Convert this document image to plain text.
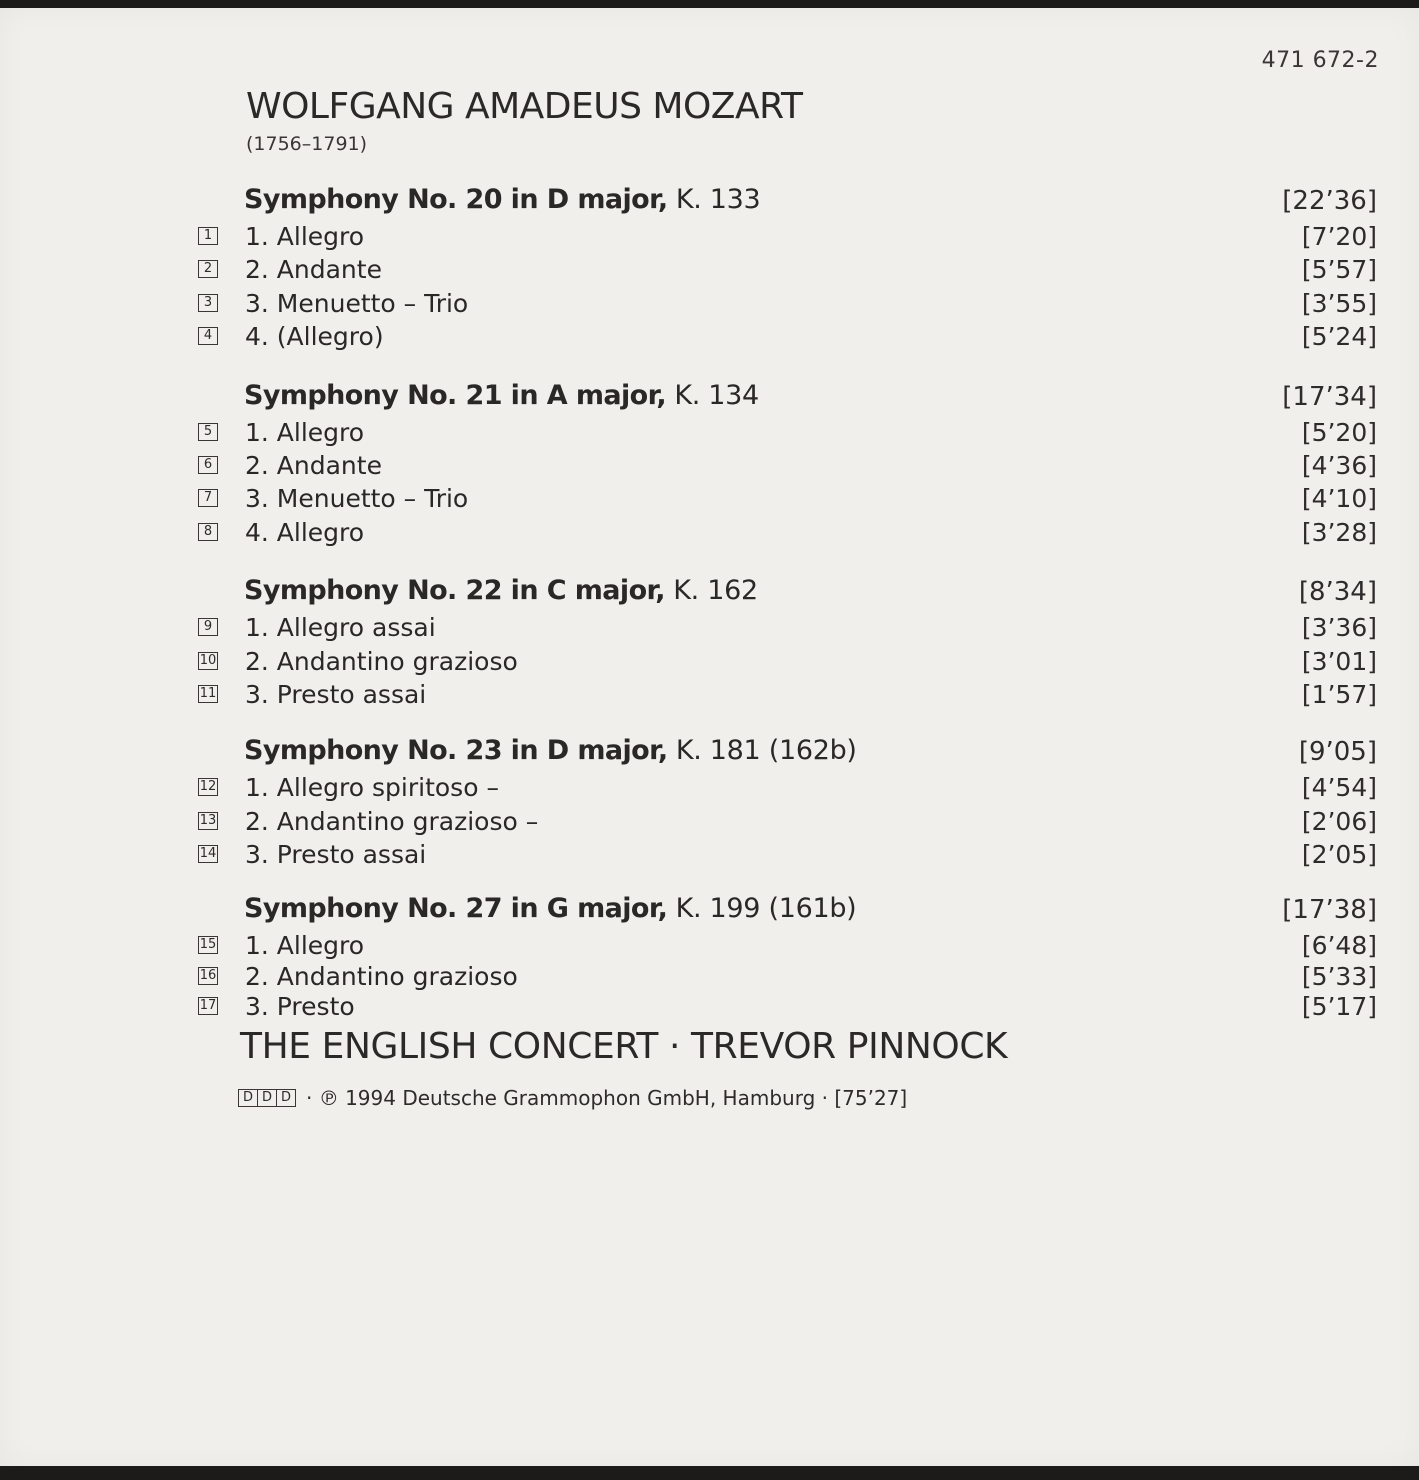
471 672-2
WOLFGANG AMADEUS MOZART
(1756–1791)
Symphony No. 20 in D major, K. 133	[22’36]
1 1. Allegro	[7’20]
2 2. Andante	[5’57]
3 3. Menuetto – Trio	[3’55]
4 4. (Allegro)	[5’24]
Symphony No. 21 in A major, K. 134	[17’34]
5 1. Allegro	[5’20]
6 2. Andante	[4’36]
7 3. Menuetto – Trio	[4’10]
8 4. Allegro	[3’28]
Symphony No. 22 in C major, K. 162	[8’34]
9 1. Allegro assai	[3’36]
10 2. Andantino grazioso	[3’01]
11 3. Presto assai	[1’57]
Symphony No. 23 in D major, K. 181 (162b)	[9’05]
12 1. Allegro spiritoso –	[4’54]
13 2. Andantino grazioso –	[2’06]
14 3. Presto assai	[2’05]
Symphony No. 27 in G major, K. 199 (161b)	[17’38]
15 1. Allegro	[6’48]
16 2. Andantino grazioso	[5’33]
17 3. Presto	[5’17]
THE ENGLISH CONCERT · TREVOR PINNOCK
D D D · ℗ 1994 Deutsche Grammophon GmbH, Hamburg · [75’27]
